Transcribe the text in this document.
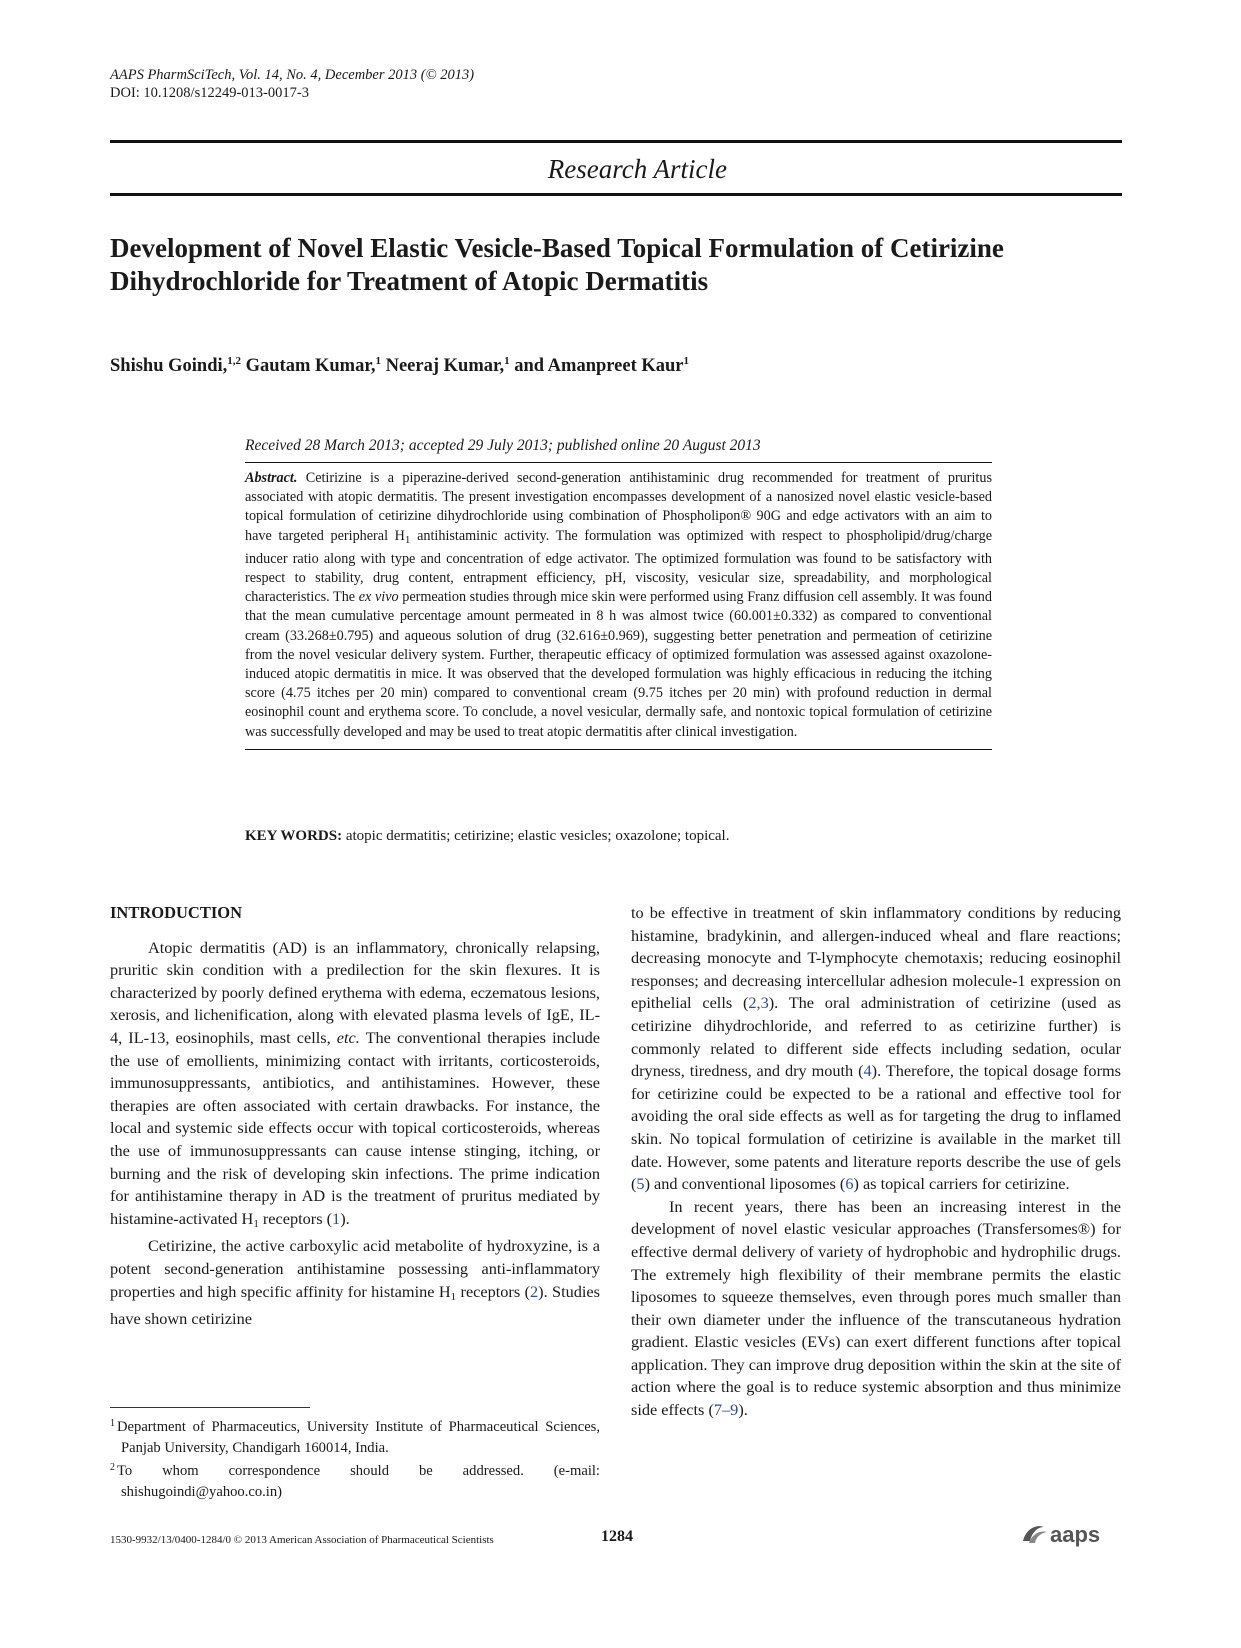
AAPS PharmSciTech, Vol. 14, No. 4, December 2013 (© 2013)
DOI: 10.1208/s12249-013-0017-3
Research Article
Development of Novel Elastic Vesicle-Based Topical Formulation of Cetirizine
Dihydrochloride for Treatment of Atopic Dermatitis
Shishu Goindi,$^{1,2}$ Gautam Kumar,$^1$ Neeraj Kumar,$^1$ and Amanpreet Kaur$^1$
Received 28 March 2013; accepted 29 July 2013; published online 20 August 2013
Abstract. Cetirizine is a piperazine-derived second-generation antihistaminic drug recommended for treatment of pruritus associated with atopic dermatitis. The present investigation encompasses development of a nanosized novel elastic vesicle-based topical formulation of cetirizine dihydrochloride using combination of Phospholipon® 90G and edge activators with an aim to have targeted peripheral $H_1$ antihistaminic activity. The formulation was optimized with respect to phospholipid/drug/charge inducer ratio along with type and concentration of edge activator. The optimized formulation was found to be satisfactory with respect to stability, drug content, entrapment efficiency, pH, viscosity, vesicular size, spreadability, and morphological characteristics. The ex vivo permeation studies through mice skin were performed using Franz diffusion cell assembly. It was found that the mean cumulative percentage amount permeated in 8 h was almost twice (60.001±0.332) as compared to conventional cream (33.268±0.795) and aqueous solution of drug (32.616±0.969), suggesting better penetration and permeation of cetirizine from the novel vesicular delivery system. Further, therapeutic efficacy of optimized formulation was assessed against oxazolone-induced atopic dermatitis in mice. It was observed that the developed formulation was highly efficacious in reducing the itching score (4.75 itches per 20 min) compared to conventional cream (9.75 itches per 20 min) with profound reduction in dermal eosinophil count and erythema score. To conclude, a novel vesicular, dermally safe, and nontoxic topical formulation of cetirizine was successfully developed and may be used to treat atopic dermatitis after clinical investigation.
KEY WORDS: atopic dermatitis; cetirizine; elastic vesicles; oxazolone; topical.
INTRODUCTION

Atopic dermatitis (AD) is an inflammatory, chronically relapsing, pruritic skin condition with a predilection for the skin flexures. It is characterized by poorly defined erythema with edema, eczematous lesions, xerosis, and lichenification, along with elevated plasma levels of IgE, IL-4, IL-13, eosinophils, mast cells, etc. The conventional therapies include the use of emollients, minimizing contact with irritants, corticosteroids, immunosuppressants, antibiotics, and antihistamines. However, these therapies are often associated with certain drawbacks. For instance, the local and systemic side effects occur with topical corticosteroids, whereas the use of immunosuppressants can cause intense stinging, itching, or burning and the risk of developing skin infections. The prime indication for antihistamine therapy in AD is the treatment of pruritus mediated by histamine-activated $H_1$ receptors (1).

Cetirizine, the active carboxylic acid metabolite of hydroxyzine, is a potent second-generation antihistamine possessing anti-inflammatory properties and high specific affinity for histamine $H_1$ receptors (2). Studies have shown cetirizine

$^1$ Department of Pharmaceutics, University Institute of Pharmaceutical Sciences, Panjab University, Chandigarh 160014, India.
$^2$ To whom correspondence should be addressed. (e-mail: shishugoindi@yahoo.co.in)

to be effective in treatment of skin inflammatory conditions by reducing histamine, bradykinin, and allergen-induced wheal and flare reactions; decreasing monocyte and T-lymphocyte chemotaxis; reducing eosinophil responses; and decreasing intercellular adhesion molecule-1 expression on epithelial cells (2,3). The oral administration of cetirizine (used as cetirizine dihydrochloride, and referred to as cetirizine further) is commonly related to different side effects including sedation, ocular dryness, tiredness, and dry mouth (4). Therefore, the topical dosage forms for cetirizine could be expected to be a rational and effective tool for avoiding the oral side effects as well as for targeting the drug to inflamed skin. No topical formulation of cetirizine is available in the market till date. However, some patents and literature reports describe the use of gels (5) and conventional liposomes (6) as topical carriers for cetirizine.

In recent years, there has been an increasing interest in the development of novel elastic vesicular approaches (Transfersomes®) for effective dermal delivery of variety of hydrophobic and hydrophilic drugs. The extremely high flexibility of their membrane permits the elastic liposomes to squeeze themselves, even through pores much smaller than their own diameter under the influence of the transcutaneous hydration gradient. Elastic vesicles (EVs) can exert different functions after topical application. They can improve drug deposition within the skin at the site of action where the goal is to reduce systemic absorption and thus minimize side effects (7–9).

1530-9932/13/0400-1284/0 © 2013 American Association of Pharmaceutical Scientists	1284	aaps
